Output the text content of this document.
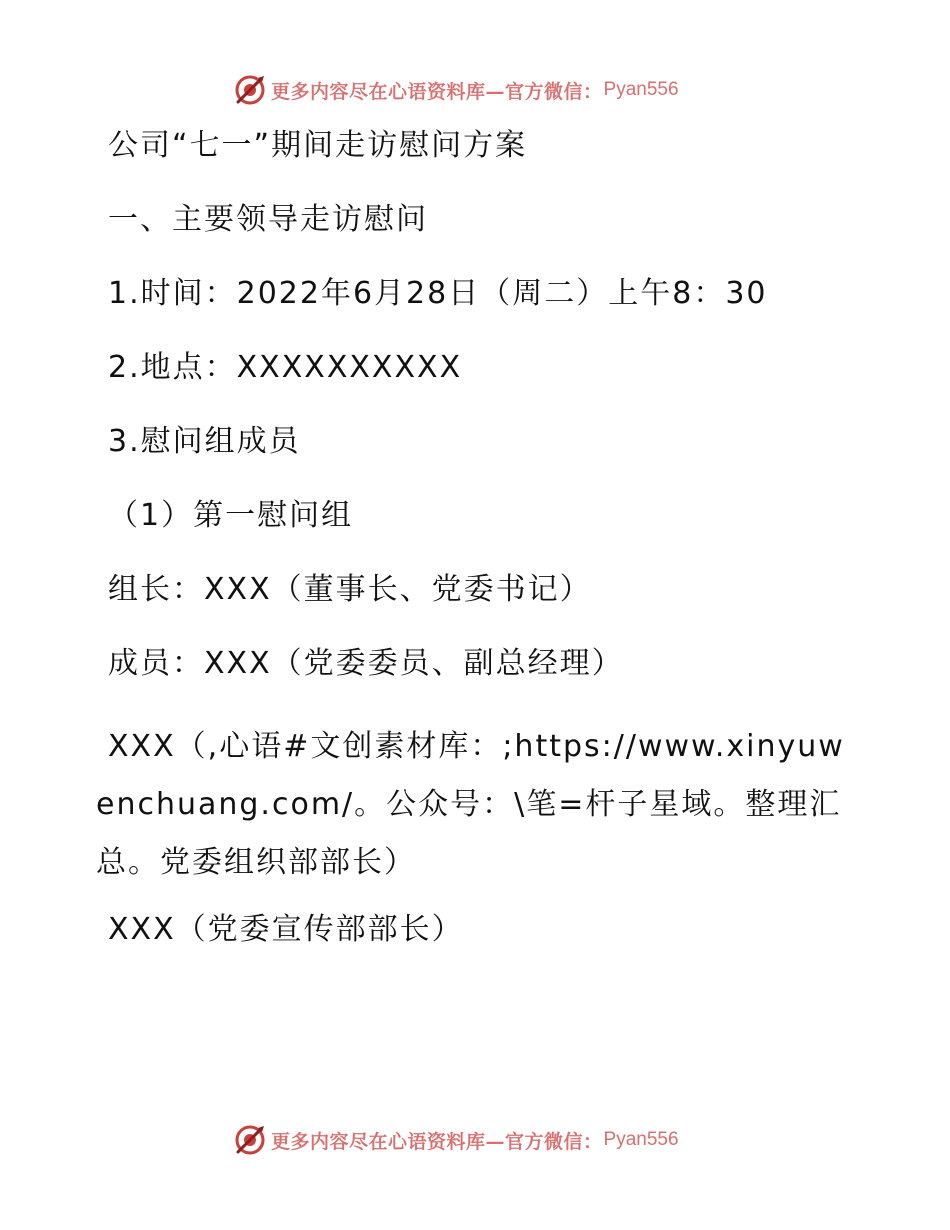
更多内容尽在心语资料库—官方微信： Pyan556

公司“七一”期间走访慰问方案

一、主要领导走访慰问

1.时间：2022年6月28日（周二）上午8：30

2.地点：XXXXXXXXXX

3.慰问组成员

（1）第一慰问组

组长：XXX（董事长、党委书记）

成员：XXX（党委委员、副总经理）

XXX（,心语#文创素材库：;https://www.xinyuwenchuang.com/。公众号：\笔=杆子星域。整理汇总。党委组织部部长）

XXX（党委宣传部部长）

更多内容尽在心语资料库—官方微信： Pyan556
